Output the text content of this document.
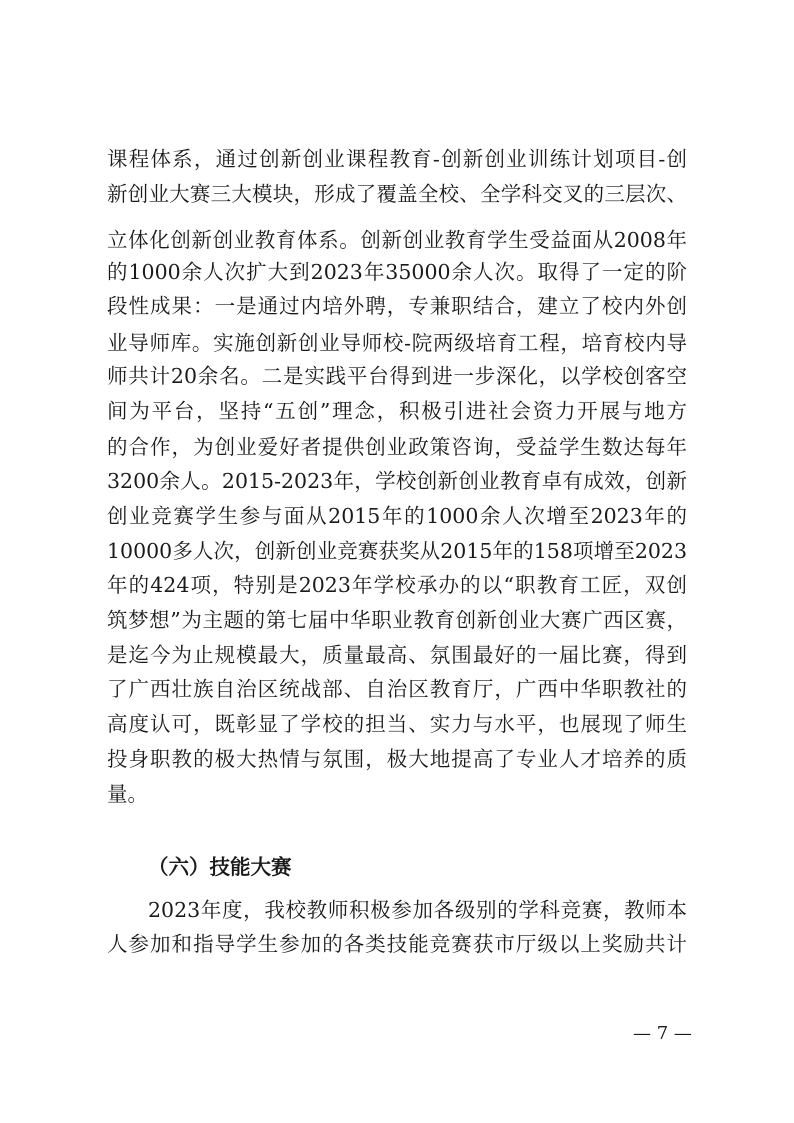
课程体系，通过创新创业课程教育-创新创业训练计划项目-创
新创业大赛三大模块，形成了覆盖全校、全学科交叉的三层次、
立体化创新创业教育体系。创新创业教育学生受益面从2008年
的1000余人次扩大到2023年35000余人次。取得了一定的阶
段性成果：一是通过内培外聘，专兼职结合，建立了校内外创
业导师库。实施创新创业导师校-院两级培育工程，培育校内导
师共计20余名。二是实践平台得到进一步深化，以学校创客空
间为平台，坚持“五创”理念，积极引进社会资力开展与地方
的合作，为创业爱好者提供创业政策咨询，受益学生数达每年
3200余人。2015-2023年，学校创新创业教育卓有成效，创新
创业竞赛学生参与面从2015年的1000余人次增至2023年的
10000多人次，创新创业竞赛获奖从2015年的158项增至2023
年的424项，特别是2023年学校承办的以“职教育工匠，双创
筑梦想”为主题的第七届中华职业教育创新创业大赛广西区赛，
是迄今为止规模最大，质量最高、氛围最好的一届比赛，得到
了广西壮族自治区统战部、自治区教育厅，广西中华职教社的
高度认可，既彰显了学校的担当、实力与水平，也展现了师生
投身职教的极大热情与氛围，极大地提高了专业人才培养的质
量。
（六）技能大赛
2023年度，我校教师积极参加各级别的学科竞赛，教师本
人参加和指导学生参加的各类技能竞赛获市厅级以上奖励共计
— 7 —
